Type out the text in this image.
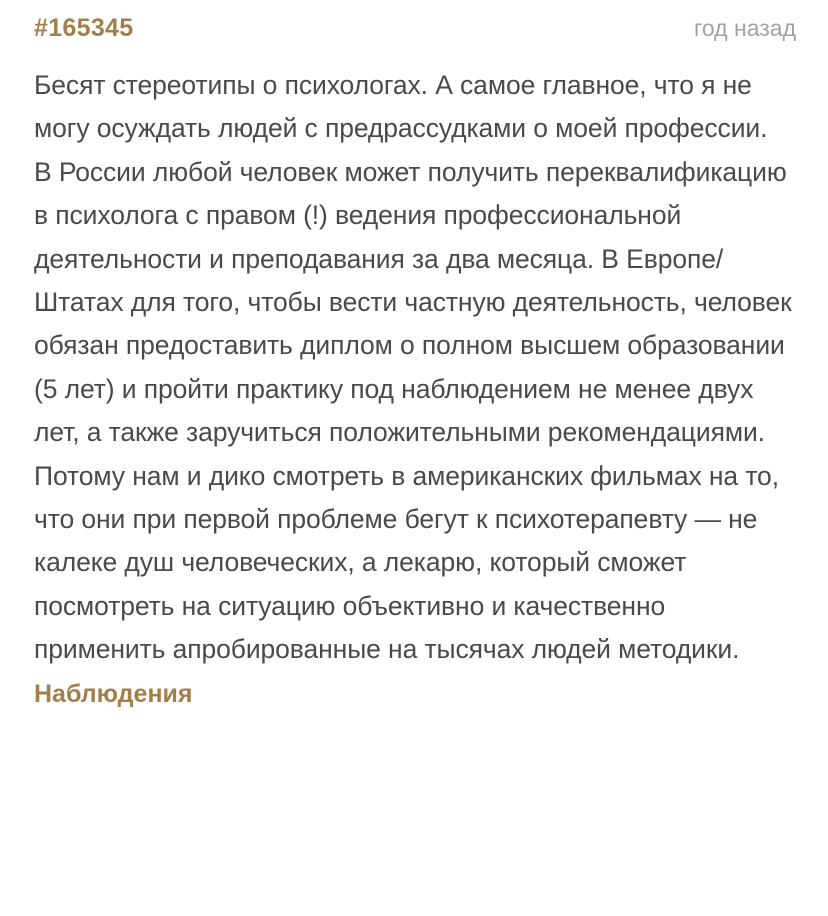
#165345	год назад

Бесят стереотипы о психологах. А самое главное, что я не могу осуждать людей с предрассудками о моей профессии.

В России любой человек может получить переквалификацию в психолога с правом (!) ведения профессиональной деятельности и преподавания за два месяца. В Европе/Штатах для того, чтобы вести частную деятельность, человек обязан предоставить диплом о полном высшем образовании (5 лет) и пройти практику под наблюдением не менее двух лет, а также заручиться положительными рекомендациями.

Потому нам и дико смотреть в американских фильмах на то, что они при первой проблеме бегут к психотерапевту — не калеке душ человеческих, а лекарю, который сможет посмотреть на ситуацию объективно и качественно применить апробированные на тысячах людей методики.

Наблюдения
